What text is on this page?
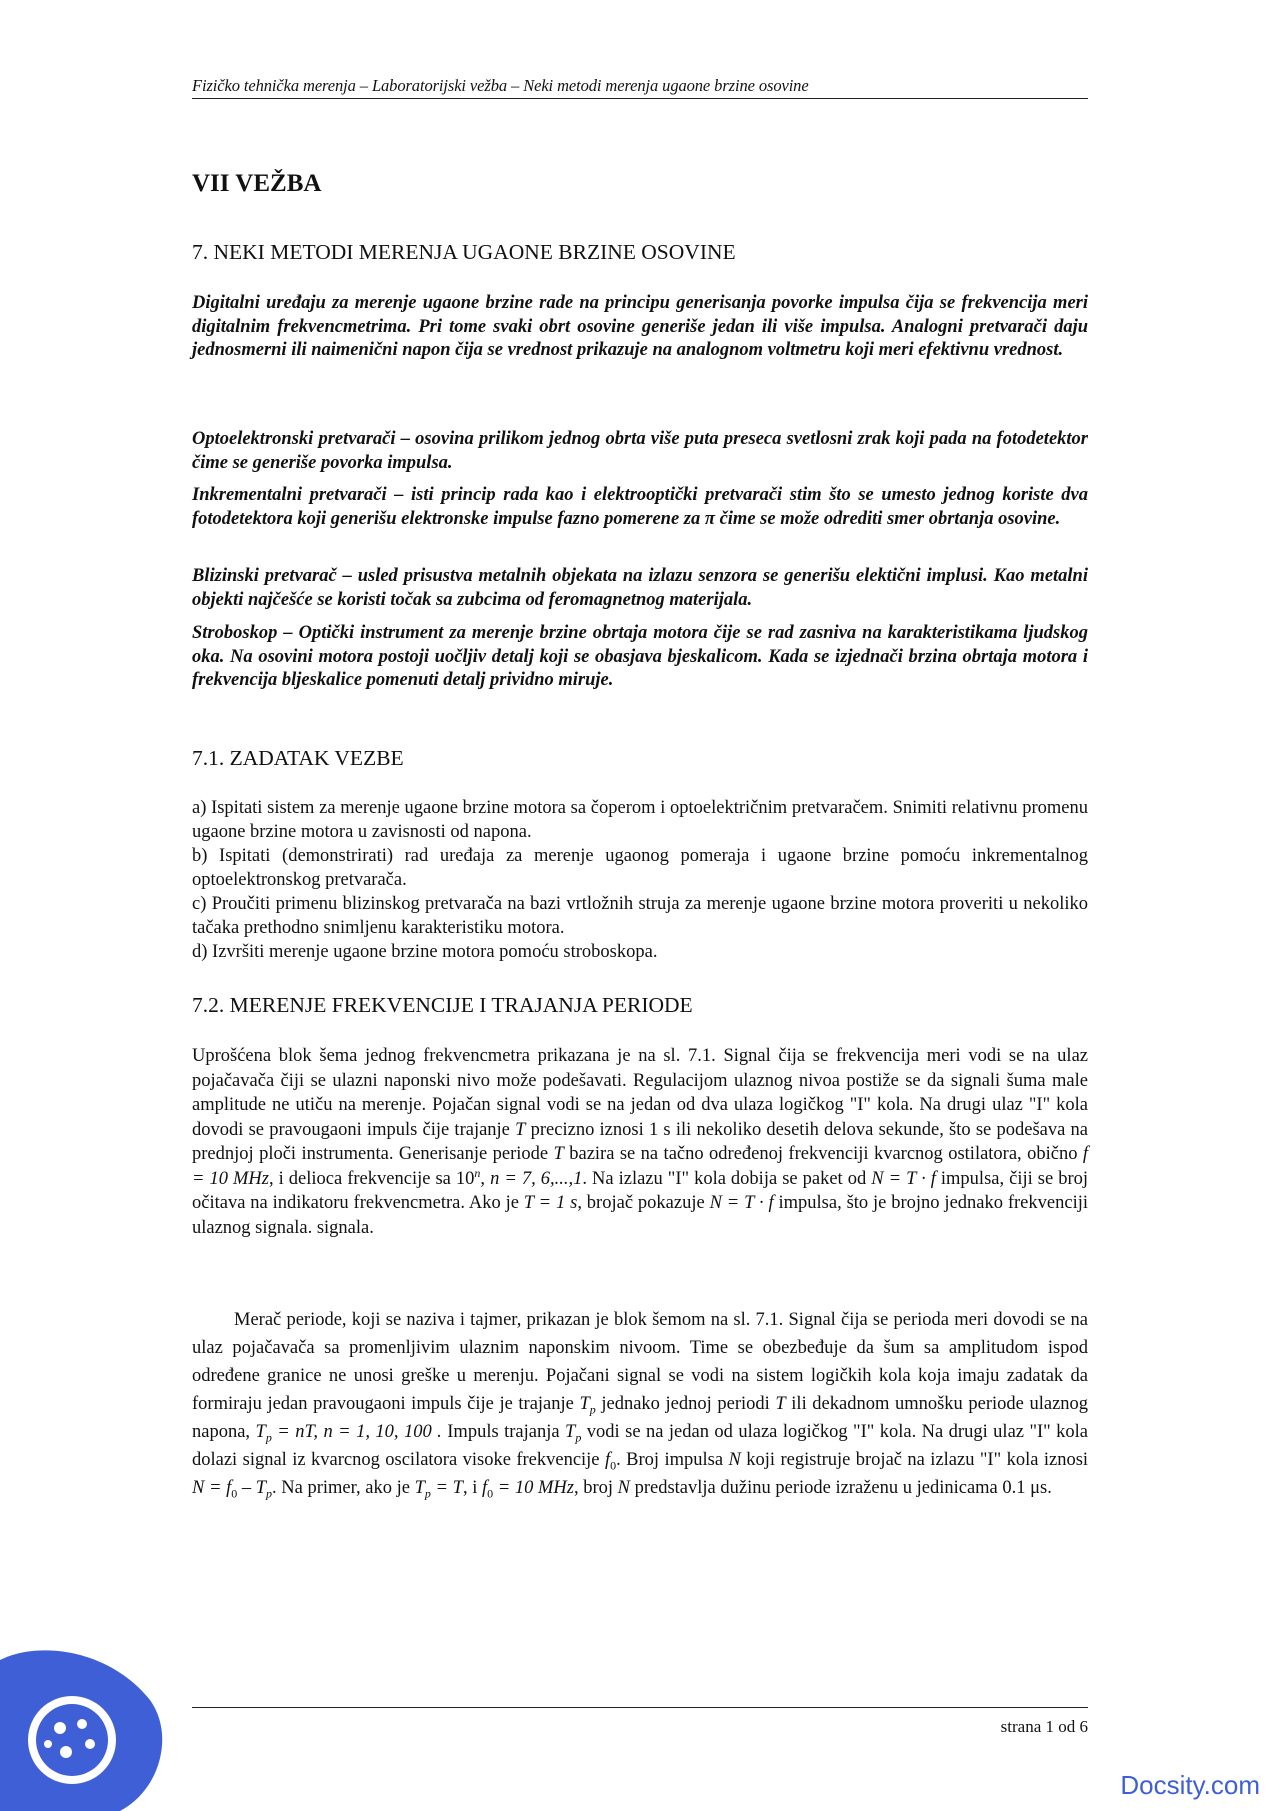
Fizičko tehnička merenja – Laboratorijski vežba – Neki metodi merenja ugaone brzine osovine
VII VEŽBA
7. NEKI METODI MERENJA UGAONE BRZINE OSOVINE
Digitalni uređaju za merenje ugaone brzine rade na principu generisanja povorke impulsa čija se frekvencija meri digitalnim frekvencmetrima. Pri tome svaki obrt osovine generiše jedan ili više impulsa. Analogni pretvarači daju jednosmerni ili naimenični napon čija se vrednost prikazuje na analognom voltmetru koji meri efektivnu vrednost.
Optoelektronski pretvarači – osovina prilikom jednog obrta više puta preseca svetlosni zrak koji pada na fotodetektor čime se generiše povorka impulsa.
Inkrementalni pretvarači – isti princip rada kao i elektrooptički pretvarači stim što se umesto jednog koriste dva fotodetektora koji generišu elektronske impulse fazno pomerene za π čime se može odrediti smer obrtanja osovine.
Blizinski pretvarač – usled prisustva metalnih objekata na izlazu senzora se generišu elektični implusi. Kao metalni objekti najčešće se koristi točak sa zubcima od feromagnetnog materijala.
Stroboskop – Optički instrument za merenje brzine obrtaja motora čije se rad zasniva na karakteristikama ljudskog oka. Na osovini motora postoji uočljiv detalj koji se obasjava bjeskalicom. Kada se izjednači brzina obrtaja motora i frekvencija bljeskalice pomenuti detalj prividno miruje.
7.1. ZADATAK VEZBE
a) Ispitati sistem za merenje ugaone brzine motora sa čoperom i optoelektričnim pretvaračem. Snimiti relativnu promenu ugaone brzine motora u zavisnosti od napona.
b) Ispitati (demonstrirati) rad uređaja za merenje ugaonog pomeraja i ugaone brzine pomoću inkrementalnog optoelektronskog pretvarača.
c) Proučiti primenu blizinskog pretvarača na bazi vrtložnih struja za merenje ugaone brzine motora proveriti u nekoliko tačaka prethodno snimljenu karakteristiku motora.
d) Izvršiti merenje ugaone brzine motora pomoću stroboskopa.
7.2. MERENJE FREKVENCIJE I TRAJANJA PERIODE
Uprošćena blok šema jednog frekvencmetra prikazana je na sl. 7.1. Signal čija se frekvencija meri vodi se na ulaz pojačavača čiji se ulazni naponski nivo može podešavati. Regulacijom ulaznog nivoa postiže se da signali šuma male amplitude ne utiču na merenje. Pojačan signal vodi se na jedan od dva ulaza logičkog "I" kola. Na drugi ulaz "I" kola dovodi se pravougaoni impuls čije trajanje T precizno iznosi 1 s ili nekoliko desetih delova sekunde, što se podešava na prednjoj ploči instrumenta. Generisanje periode T bazira se na tačno određenoj frekvenciji kvarcnog ostilatora, obično f = 10 MHz, i delioca frekvencije sa 10$^n$, n = 7, 6,...,1. Na izlazu "I" kola dobija se paket od N = T · f impulsa, čiji se broj očitava na indikatoru frekvencmetra. Ako je T = 1 s, brojač pokazuje N = T · f impulsa, što je brojno jednako frekvenciji ulaznog signala. signala.
Merač periode, koji se naziva i tajmer, prikazan je blok šemom na sl. 7.1. Signal čija se perioda meri dovodi se na ulaz pojačavača sa promenljivim ulaznim naponskim nivoom. Time se obezbeđuje da šum sa amplitudom ispod određene granice ne unosi greške u merenju. Pojačani signal se vodi na sistem logičkih kola koja imaju zadatak da formiraju jedan pravougaoni impuls čije je trajanje $T_p$ jednako jednoj periodi T ili dekadnom umnošku periode ulaznog napona, $T_p$ = nT, n = 1, 10, 100 . Impuls trajanja $T_p$ vodi se na jedan od ulaza logičkog "I" kola. Na drugi ulaz "I" kola dolazi signal iz kvarcnog oscilatora visoke frekvencije $f_0$. Broj impulsa N koji registruje brojač na izlazu "I" kola iznosi $N = f_0 - T_p$. Na primer, ako je $T_p = T$, i $f_0 = 10$ MHz, broj N predstavlja dužinu periode izraženu u jedinicama 0.1 μs.
strana 1 od 6
Docsity.com
